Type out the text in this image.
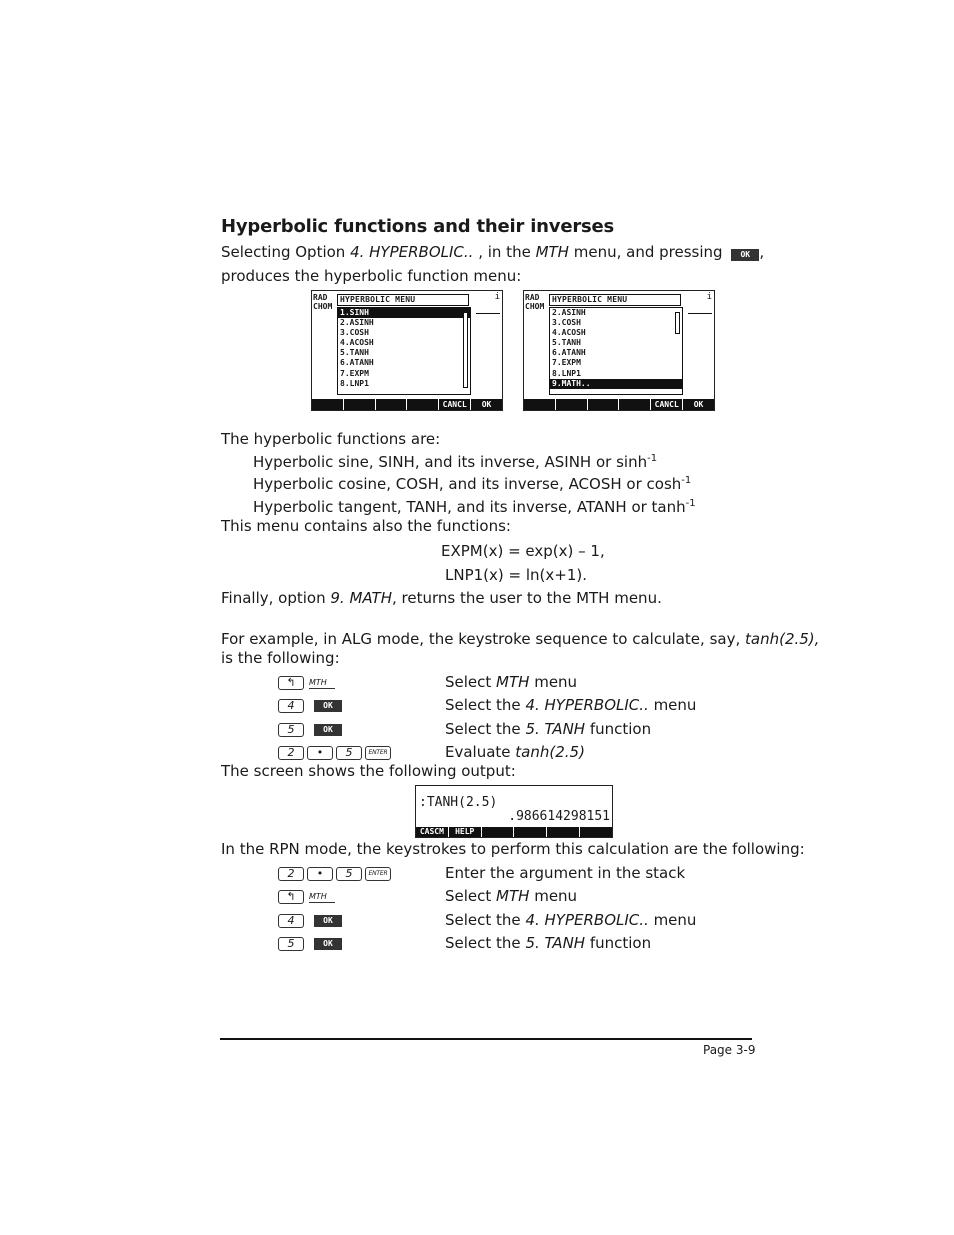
Hyperbolic functions and their inverses
Selecting Option 4. HYPERBOLIC.. , in the MTH menu, and pressing OK ,
produces the hyperbolic function menu:
RAD
CHOM
i
HYPERBOLIC MENU
1.SINH
2.ASINH
3.COSH
4.ACOSH
5.TANH
6.ATANH
7.EXPM
8.LNP1
CANCL	OK
RAD
CHOM
i
HYPERBOLIC MENU
2.ASINH
3.COSH
4.ACOSH
5.TANH
6.ATANH
7.EXPM
8.LNP1
9.MATH..
CANCL	OK
The hyperbolic functions are:
Hyperbolic sine, SINH, and its inverse, ASINH or $\sinh^{-1}$
Hyperbolic cosine, COSH, and its inverse, ACOSH or $\cosh^{-1}$
Hyperbolic tangent, TANH, and its inverse, ATANH or $\tanh^{-1}$
This menu contains also the functions:
EXPM(x) = exp(x) – 1,
LNP1(x) = ln(x+1).
Finally, option 9. MATH, returns the user to the MTH menu.
For example, in ALG mode, the keystroke sequence to calculate, say, tanh(2.5),
is the following:
↰	MTH	Select MTH menu
4	OK	Select the 4. HYPERBOLIC.. menu
5	OK	Select the 5. TANH function
2	•	5	ENTER	Evaluate tanh(2.5)
The screen shows the following output:
:TANH(2.5)
.986614298151
CASCM	HELP
In the RPN mode, the keystrokes to perform this calculation are the following:
2	•	5	ENTER	Enter the argument in the stack
↰	MTH	Select MTH menu
4	OK	Select the 4. HYPERBOLIC.. menu
5	OK	Select the 5. TANH function
Page 3-9
